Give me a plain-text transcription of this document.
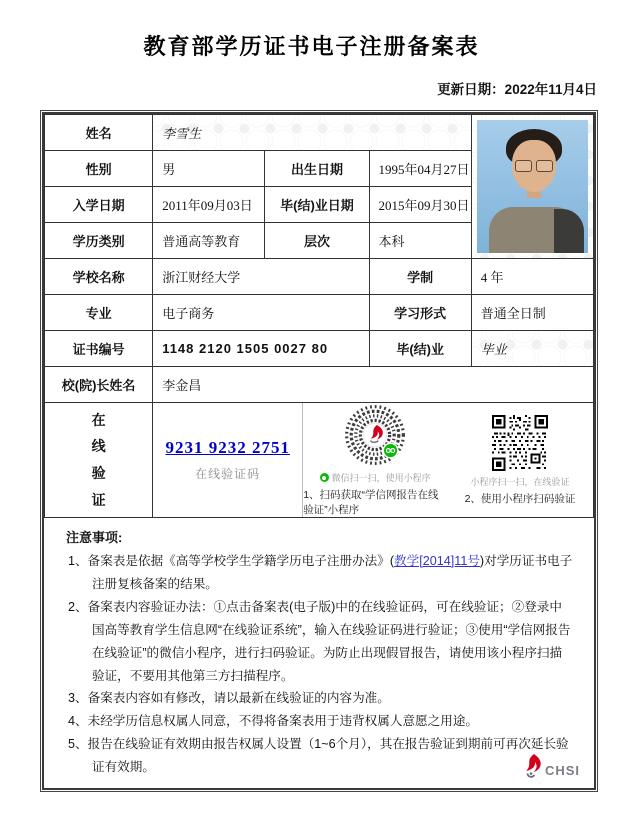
教育部学历证书电子注册备案表
更新日期：2022年11月4日
姓名	李雪生			

性别	男	出生日期	1995年04月27日	
入学日期	2011年09月03日	毕(结)业日期	2015年09月30日	
学历类别	普通高等教育	层次	本科	
学校名称	浙江财经大学		学制	4 年
专业	电子商务		学习形式	普通全日制
证书编号	1148 2120 1505 0027 80		毕(结)业	毕业
校(院)长姓名	李金昌			

在线验证

9231 9232 2751
在线验证码	微信扫一扫，使用小程序
1、扫码获取“学信网报告在线验证”小程序
小程序扫一扫，在线验证
2、使用小程序扫码验证
注意事项:
1、备案表是依据《高等学校学生学籍学历电子注册办法》(教学[2014]11号)对学历证书电子注册复核备案的结果。
2、备案表内容验证办法：①点击备案表(电子版)中的在线验证码，可在线验证；②登录中国高等教育学生信息网“在线验证系统”，输入在线验证码进行验证；③使用“学信网报告在线验证”的微信小程序，进行扫码验证。为防止出现假冒报告，请使用该小程序扫描验证，不要用其他第三方扫描程序。
3、备案表内容如有修改，请以最新在线验证的内容为准。
4、未经学历信息权属人同意，不得将备案表用于违背权属人意愿之用途。
5、报告在线验证有效期由报告权属人设置（1~6个月），其在报告验证到期前可再次延长验证有效期。	CHSI
